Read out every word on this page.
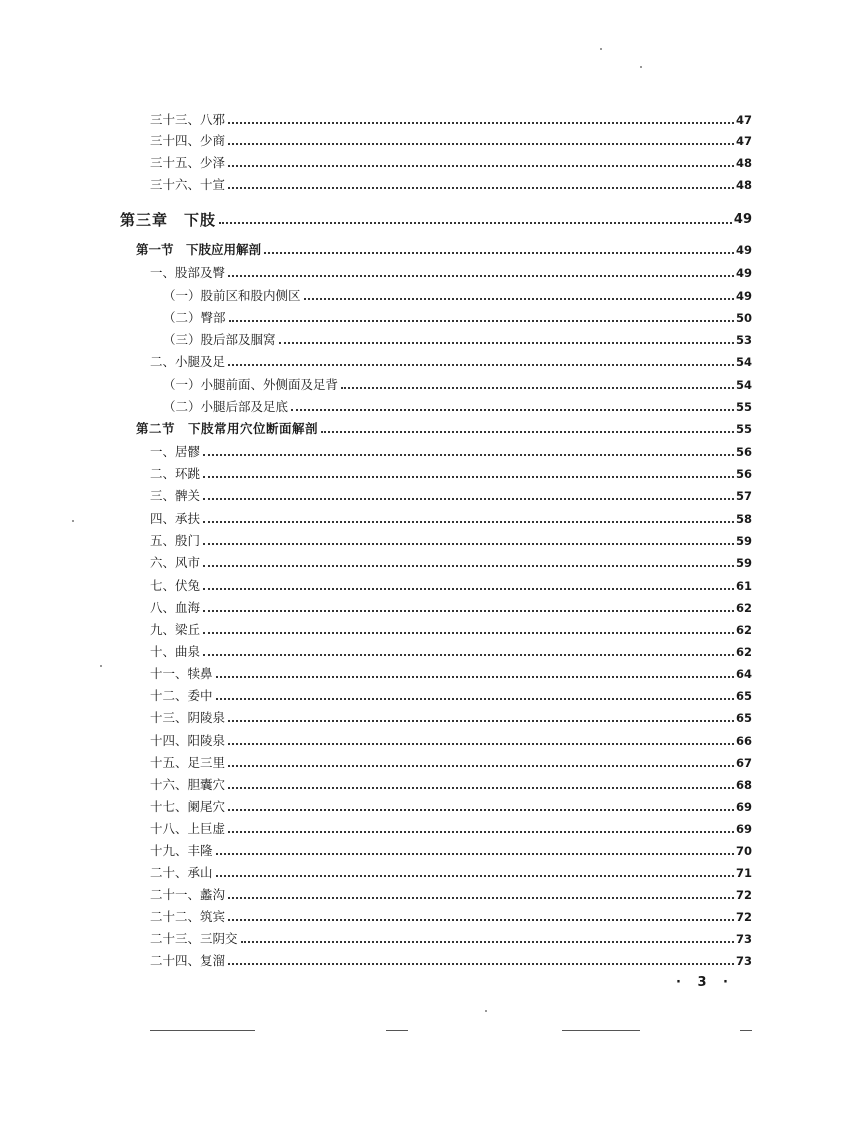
三十三、八邪	47
三十四、少商	47
三十五、少泽	48
三十六、十宣	48
第三章　下肢	49
第一节　下肢应用解剖	49
一、股部及臀	49
（一）股前区和股内侧区	49
（二）臀部	50
（三）股后部及腘窝	53
二、小腿及足	54
（一）小腿前面、外侧面及足背	54
（二）小腿后部及足底	55
第二节　下肢常用穴位断面解剖	55
一、居髎	56
二、环跳	56
三、髀关	57
四、承扶	58
五、殷门	59
六、风市	59
七、伏兔	61
八、血海	62
九、梁丘	62
十、曲泉	62
十一、犊鼻	64
十二、委中	65
十三、阴陵泉	65
十四、阳陵泉	66
十五、足三里	67
十六、胆囊穴	68
十七、阑尾穴	69
十八、上巨虚	69
十九、丰隆	70
二十、承山	71
二十一、蠡沟	72
二十二、筑宾	72
二十三、三阴交	73
二十四、复溜	73
· 3 ·
